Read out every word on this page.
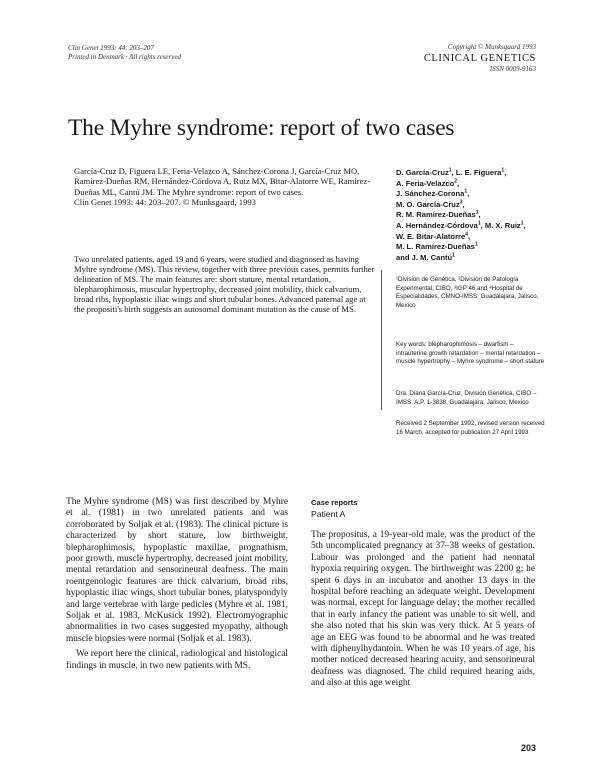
Clin Genet 1993: 44: 203–207
Printed in Denmark · All rights reserved
Copyright © Munksgaard 1993
CLINICAL GENETICS
ISSN 0009-9163
The Myhre syndrome: report of two cases
García-Cruz D, Figuera LE, Feria-Velazco A, Sánchez-Corona J, García-Cruz MO, Ramírez-Dueñas RM, Hernández-Córdova A, Ruiz MX, Bitar-Alatorre WE, Ramírez-Dueñas ML, Cantú JM. The Myhre syndrome: report of two cases.
Clin Genet 1993: 44: 203–207. © Munksgaard, 1993
Two unrelated patients, aged 19 and 6 years, were studied and diagnosed as having Myhre syndrome (MS). This review, together with three previous cases, permits further delineation of MS. The main features are: short stature, mental retardation, blepharophimosis, muscular hypertrophy, decreased joint mobility, thick calvarium, broad ribs, hypoplastic iliac wings and short tubular bones. Advanced paternal age at the propositi's birth suggests an autosomal dominant mutation as the cause of MS.
D. García-Cruz$^1$, L. E. Figuera$^1$,
A. Feria-Velazco$^2$,
J. Sánchez-Corona$^1$,
M. O. García-Cruz$^3$,
R. M. Ramírez-Dueñas$^1$,
A. Hernández-Córdova$^1$, M. X. Ruiz$^1$,
W. E. Bitar-Alatorre$^4$,
M. L. Ramírez-Dueñas$^1$
and J. M. Cantú$^1$
¹División de Genética, ²División de Patología Experimental, CIBO, ³IGP 46 and ⁴Hospital de Especialidades, CMNO-IMSS, Guadalajara, Jalisco, Mexico
Key words: blepharophimosis – dwarfism – intrauterine growth retardation – mental retardation – muscle hypertrophy – Myhre syndrome – short stature
Dra. Diana García-Cruz, División Genética, CIBO – IMSS, A.P. 1-3838, Guadalajara, Jalisco, Mexico
Received 2 September 1992, revised version received 16 March, accepted for publication 27 April 1993

The Myhre syndrome (MS) was first described by Myhre et al. (1981) in two unrelated patients and was corroborated by Soljak et al. (1983). The clinical picture is characterized by short stature, low birthweight, blepharophimosis, hypoplastic maxillae, prognathism, poor growth, muscle hypertrophy, decreased joint mobility, mental retardation and sensorineural deafness. The main roentgenologic features are thick calvarium, broad ribs, hypoplastic iliac wings, short tubular bones, platyspondyly and large vertebrae with large pedicles (Myhre et al. 1981, Soljak et al. 1983, McKusick 1992). Electromyographic abnormalities in two cases suggested myopathy, although muscle biopsies were normal (Soljak et al. 1983).

We report here the clinical, radiological and histological findings in muscle, in two new patients with MS.

Case reports
Patient A

The propositus, a 19-year-old male, was the product of the 5th uncomplicated pregnancy at 37–38 weeks of gestation. Labour was prolonged and the patient had neonatal hypoxia requiring oxygen. The birthweight was 2200 g; he spent 6 days in an incubator and another 13 days in the hospital before reaching an adequate weight. Development was normal, except for language delay; the mother recalled that in early infancy the patient was unable to sit well, and she also noted that his skin was very thick. At 5 years of age an EEG was found to be abnormal and he was treated with diphenylhydantoin. When he was 10 years of age, his mother noticed decreased hearing acuity, and sensorineural deafness was diagnosed. The child required hearing aids, and also at this age weight

203
